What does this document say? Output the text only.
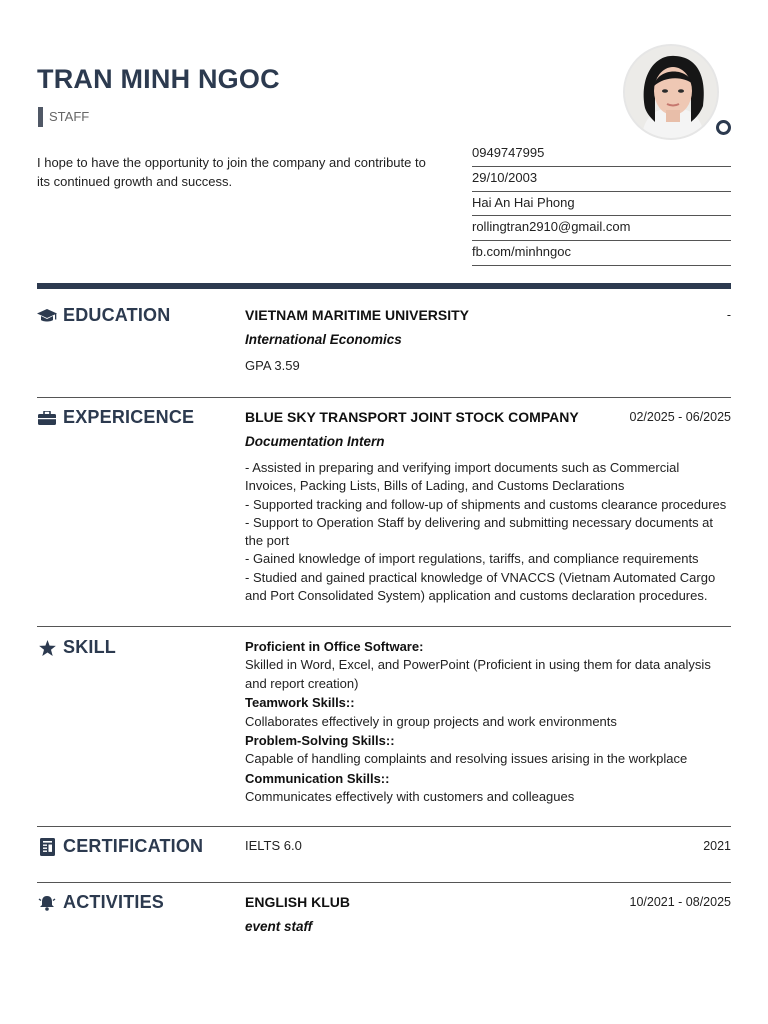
TRAN MINH NGOC
STAFF
I hope to have the opportunity to join the company and contribute to its continued growth and success.
0949747995
29/10/2003
Hai An Hai Phong
rollingtran2910@gmail.com
fb.com/minhngoc
EDUCATION	VIETNAM MARITIME UNIVERSITY	-
International Economics
GPA 3.59
EXPERICENCE	BLUE SKY TRANSPORT JOINT STOCK COMPANY	02/2025 - 06/2025
Documentation Intern
- Assisted in preparing and verifying import documents such as Commercial Invoices, Packing Lists, Bills of Lading, and Customs Declarations
- Supported tracking and follow-up of shipments and customs clearance procedures
- Support to Operation Staff by delivering and submitting necessary documents at the port
- Gained knowledge of import regulations, tariffs, and compliance requirements
- Studied and gained practical knowledge of VNACCS (Vietnam Automated Cargo and Port Consolidated System) application and customs declaration procedures.
SKILL	Proficient in Office Software:
Skilled in Word, Excel, and PowerPoint (Proficient in using them for data analysis and report creation)
Teamwork Skills::
Collaborates effectively in group projects and work environments
Problem-Solving Skills::
Capable of handling complaints and resolving issues arising in the workplace
Communication Skills::
Communicates effectively with customers and colleagues
CERTIFICATION	IELTS 6.0	2021
ACTIVITIES	ENGLISH KLUB	10/2021 - 08/2025
event staff
